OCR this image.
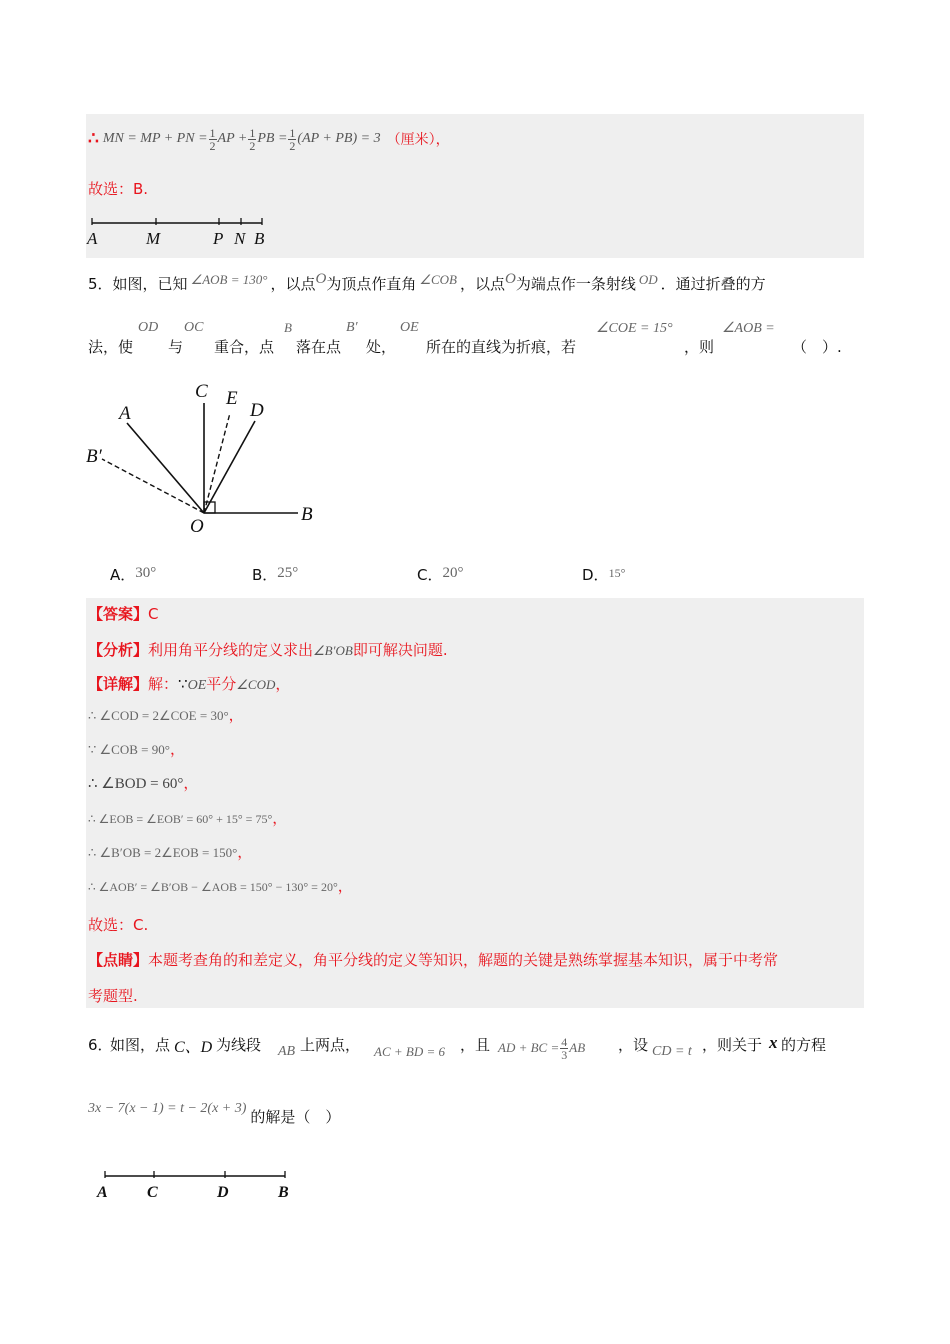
∴ MN = MP + PN = $\frac{1}{2}$ AP + $\frac{1}{2}$ PB = $\frac{1}{2} (AP + PB) = 3$ （厘米），
故选：B.
A	M	P N B
5． 如图，已知 ∠AOB = 130° ，以点 O 为顶点作直角 ∠COB ，以点 O 为端点作一条射线 OD ．通过折叠的方
法，使
OD
与
OC
重合，点
B
落在点
B′
处，
OE
所在的直线为折痕，若
∠COE = 15°
，则
∠AOB =
（　）.
A
C E
D
B′
O
B
A．30°	B．25°	C．20°	D．$^{15^\circ}$
【答案】C
【分析】利用角平分线的定义求出∠B′OB即可解决问题.
【详解】解：∵OE平分∠COD，
∴ ∠COD = 2∠COE = 30°，
∵ ∠COB = 90°，
∴ ∠BOD = 60°，
∴ ∠EOB = ∠EOB′ = 60° + 15° = 75°，
∴ ∠B′OB = 2∠EOB = 150°，
∴ ∠AOB′ = ∠B′OB − ∠AOB = 150° − 130° = 20°，
故选：C.
【点睛】本题考查角的和差定义，角平分线的定义等知识，解题的关键是熟练掌握基本知识，属于中考常
考题型.
6．
如图，点 C、D 为线段 AB 上两点， AC + BD = 6 ，且 AD + BC = $\frac{4}{3}$ AB ，设 CD = t ，则关于 x 的方程
3x − 7(x − 1) = t − 2(x + 3) 的解是（　）
A C	D	B
